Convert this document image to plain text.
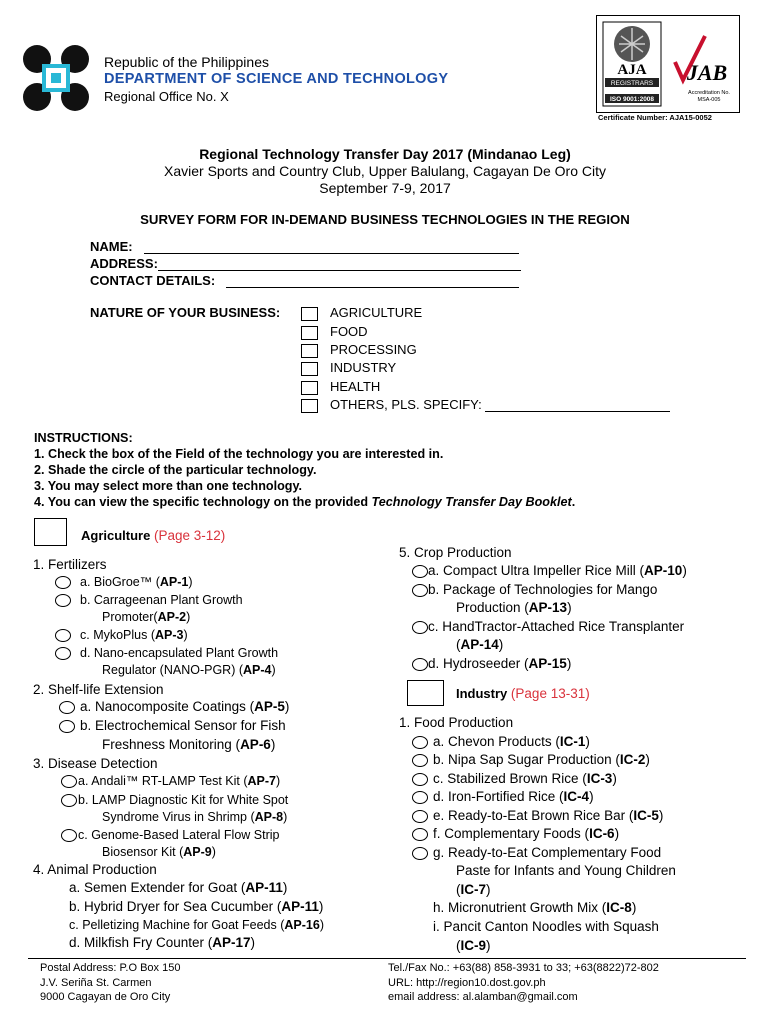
Republic of the Philippines
DEPARTMENT OF SCIENCE AND TECHNOLOGY
Regional Office No. X
AJA
REGISTRARS
ISO 9001:2008
JAB
Accreditation No.
MSA-005
Certificate Number: AJA15-0052
Regional Technology Transfer Day 2017 (Mindanao Leg)
Xavier Sports and Country Club, Upper Balulang, Cagayan De Oro City
September 7-9, 2017
SURVEY FORM FOR IN-DEMAND BUSINESS TECHNOLOGIES IN THE REGION
NAME:
ADDRESS:
CONTACT DETAILS:
NATURE OF YOUR BUSINESS:	AGRICULTURE
FOOD
PROCESSING
INDUSTRY
HEALTH
OTHERS, PLS. SPECIFY:
INSTRUCTIONS:
1. Check the box of the Field of the technology you are interested in.
2. Shade the circle of the particular technology.
3. You may select more than one technology.
4. You can view the specific technology on the provided Technology Transfer Day Booklet.
Agriculture (Page 3-12)
1. Fertilizers
a. BioGroe™ (AP-1)
b. Carrageenan Plant Growth
Promoter(AP-2)
c. MykoPlus (AP-3)
d. Nano-encapsulated Plant Growth
Regulator (NANO-PGR) (AP-4)
2. Shelf-life Extension
a. Nanocomposite Coatings (AP-5)
b. Electrochemical Sensor for Fish
Freshness Monitoring (AP-6)
3. Disease Detection
a. Andali™ RT-LAMP Test Kit (AP-7)
b. LAMP Diagnostic Kit for White Spot
Syndrome Virus in Shrimp (AP-8)
c. Genome-Based Lateral Flow Strip
Biosensor Kit (AP-9)
4. Animal Production
a. Semen Extender for Goat (AP-11)
b. Hybrid Dryer for Sea Cucumber (AP-11)
c. Pelletizing Machine for Goat Feeds (AP-16)
d. Milkfish Fry Counter (AP-17)
5. Crop Production
a. Compact Ultra Impeller Rice Mill (AP-10)
b. Package of Technologies for Mango
Production (AP-13)
c. HandTractor-Attached Rice Transplanter
(AP-14)
d. Hydroseeder (AP-15)
Industry (Page 13-31)
1. Food Production
a. Chevon Products (IC-1)
b. Nipa Sap Sugar Production (IC-2)
c. Stabilized Brown Rice (IC-3)
d. Iron-Fortified Rice (IC-4)
e. Ready-to-Eat Brown Rice Bar (IC-5)
f. Complementary Foods (IC-6)
g. Ready-to-Eat Complementary Food
Paste for Infants and Young Children
(IC-7)
h. Micronutrient Growth Mix (IC-8)
i. Pancit Canton Noodles with Squash
(IC-9)
Postal Address: P.O Box 150
J.V. Seriña St. Carmen
9000 Cagayan de Oro City
Tel./Fax No.: +63(88) 858-3931 to 33; +63(8822)72-802
URL: http://region10.dost.gov.ph
email address: al.alamban@gmail.com
